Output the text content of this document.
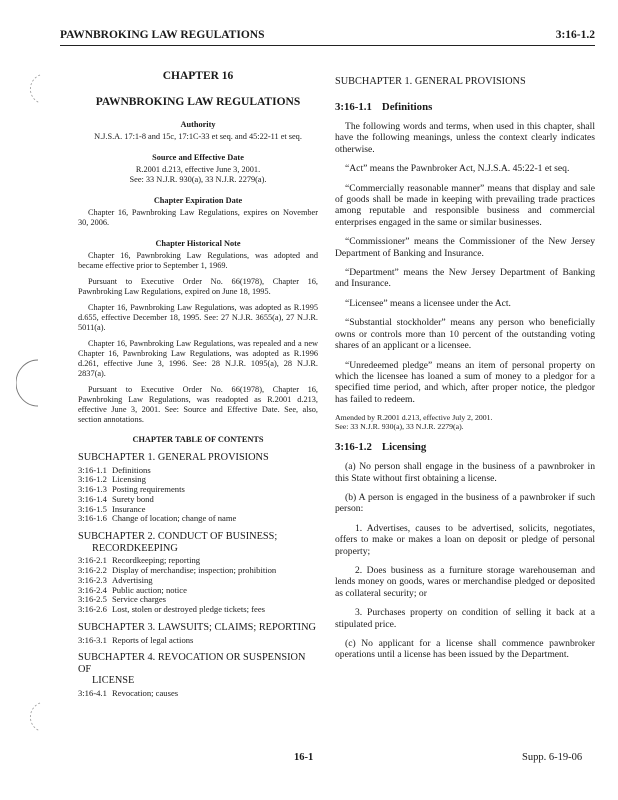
PAWNBROKING LAW REGULATIONS	3:16-1.2
CHAPTER 16
PAWNBROKING LAW REGULATIONS
Authority
N.J.S.A. 17:1-8 and 15c, 17:1C-33 et seq. and 45:22-11 et seq.
Source and Effective Date
R.2001 d.213, effective June 3, 2001.
See: 33 N.J.R. 930(a), 33 N.J.R. 2279(a).
Chapter Expiration Date
Chapter 16, Pawnbroking Law Regulations, expires on November 30, 2006.
Chapter Historical Note
Chapter 16, Pawnbroking Law Regulations, was adopted and became effective prior to September 1, 1969.
Pursuant to Executive Order No. 66(1978), Chapter 16, Pawnbroking Law Regulations, expired on June 18, 1995.
Chapter 16, Pawnbroking Law Regulations, was adopted as R.1995 d.655, effective December 18, 1995. See: 27 N.J.R. 3655(a), 27 N.J.R. 5011(a).
Chapter 16, Pawnbroking Law Regulations, was repealed and a new Chapter 16, Pawnbroking Law Regulations, was adopted as R.1996 d.261, effective June 3, 1996. See: 28 N.J.R. 1095(a), 28 N.J.R. 2837(a).
Pursuant to Executive Order No. 66(1978), Chapter 16, Pawnbroking Law Regulations, was readopted as R.2001 d.213, effective June 3, 2001. See: Source and Effective Date. See, also, section annotations.
CHAPTER TABLE OF CONTENTS
SUBCHAPTER 1. GENERAL PROVISIONS
3:16-1.1 Definitions
3:16-1.2 Licensing
3:16-1.3 Posting requirements
3:16-1.4 Surety bond
3:16-1.5 Insurance
3:16-1.6 Change of location; change of name
SUBCHAPTER 2. CONDUCT OF BUSINESS;
RECORDKEEPING
3:16-2.1 Recordkeeping; reporting
3:16-2.2 Display of merchandise; inspection; prohibition
3:16-2.3 Advertising
3:16-2.4 Public auction; notice
3:16-2.5 Service charges
3:16-2.6 Lost, stolen or destroyed pledge tickets; fees
SUBCHAPTER 3. LAWSUITS; CLAIMS; REPORTING
3:16-3.1 Reports of legal actions
SUBCHAPTER 4. REVOCATION OR SUSPENSION OF
LICENSE
3:16-4.1 Revocation; causes
SUBCHAPTER 1. GENERAL PROVISIONS
3:16-1.1 Definitions
The following words and terms, when used in this chapter, shall have the following meanings, unless the context clearly indicates otherwise.
“Act” means the Pawnbroker Act, N.J.S.A. 45:22-1 et seq.
“Commercially reasonable manner” means that display and sale of goods shall be made in keeping with prevailing trade practices among reputable and responsible business and commercial enterprises engaged in the same or similar businesses.
“Commissioner” means the Commissioner of the New Jersey Department of Banking and Insurance.
“Department” means the New Jersey Department of Banking and Insurance.
“Licensee” means a licensee under the Act.
“Substantial stockholder” means any person who beneficially owns or controls more than 10 percent of the outstanding voting shares of an applicant or a licensee.
“Unredeemed pledge” means an item of personal property on which the licensee has loaned a sum of money to a pledgor for a specified time period, and which, after proper notice, the pledgor has failed to redeem.
Amended by R.2001 d.213, effective July 2, 2001.
See: 33 N.J.R. 930(a), 33 N.J.R. 2279(a).
3:16-1.2 Licensing
(a) No person shall engage in the business of a pawnbroker in this State without first obtaining a license.
(b) A person is engaged in the business of a pawnbroker if such person:
1. Advertises, causes to be advertised, solicits, negotiates, offers to make or makes a loan on deposit or pledge of personal property;
2. Does business as a furniture storage warehouseman and lends money on goods, wares or merchandise pledged or deposited as collateral security; or
3. Purchases property on condition of selling it back at a stipulated price.
(c) No applicant for a license shall commence pawnbroker operations until a license has been issued by the Department.
16-1	Supp. 6-19-06
